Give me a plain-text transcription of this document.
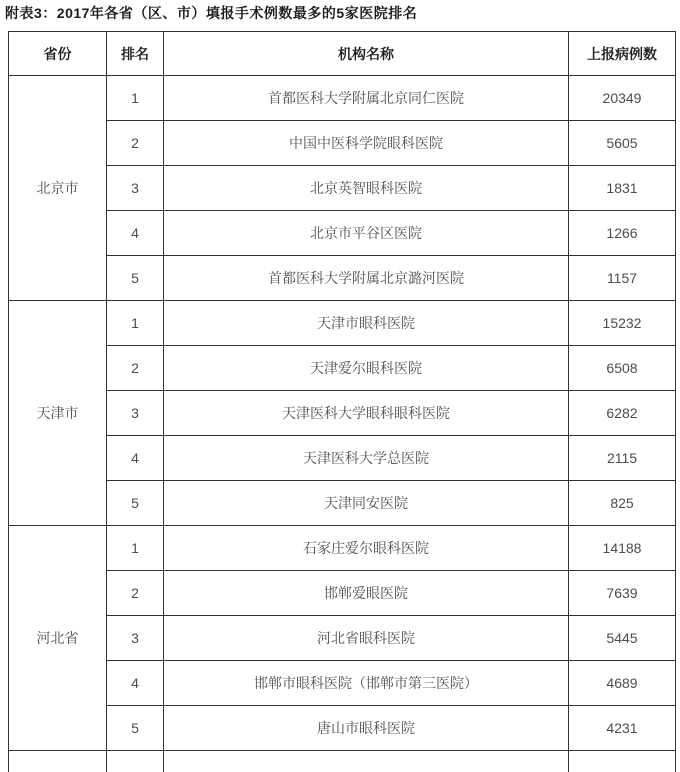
附表3：2017年各省（区、市）填报手术例数最多的5家医院排名
省份	排名	机构名称	上报病例数
北京市	1	首都医科大学附属北京同仁医院	20349
	2	中国中医科学院眼科医院	5605
	3	北京英智眼科医院	1831
	4	北京市平谷区医院	1266
	5	首都医科大学附属北京潞河医院	1157
天津市	1	天津市眼科医院	15232
	2	天津爱尔眼科医院	6508
	3	天津医科大学眼科眼科医院	6282
	4	天津医科大学总医院	2115
	5	天津同安医院	825
河北省	1	石家庄爱尔眼科医院	14188
	2	邯郸爱眼医院	7639
	3	河北省眼科医院	5445
	4	邯郸市眼科医院（邯郸市第三医院）	4689
	5	唐山市眼科医院	4231
